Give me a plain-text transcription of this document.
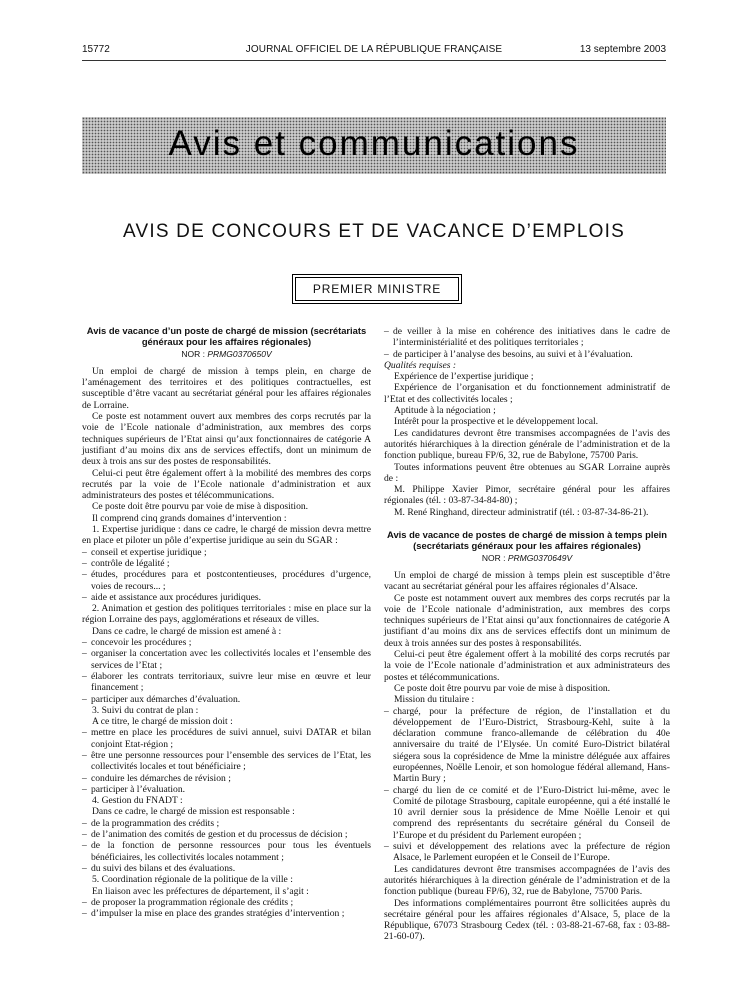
15772	JOURNAL OFFICIEL DE LA RÉPUBLIQUE FRANÇAISE	13 septembre 2003
Avis et communications
AVIS DE CONCOURS ET DE VACANCE D’EMPLOIS
PREMIER MINISTRE
Avis de vacance d’un poste de chargé de mission (secrétariats généraux pour les affaires régionales)
NOR : PRMG0370650V

Un emploi de chargé de mission à temps plein, en charge de l’aménagement des territoires et des politiques contractuelles, est susceptible d’être vacant au secrétariat général pour les affaires régionales de Lorraine.

Ce poste est notamment ouvert aux membres des corps recrutés par la voie de l’Ecole nationale d’administration, aux membres des corps techniques supérieurs de l’Etat ainsi qu’aux fonctionnaires de catégorie A justifiant d’au moins dix ans de services effectifs, dont un minimum de deux à trois ans sur des postes de responsabilités.

Celui-ci peut être également offert à la mobilité des membres des corps recrutés par la voie de l’Ecole nationale d’administration et aux administrateurs des postes et télécommunications.

Ce poste doit être pourvu par voie de mise à disposition.

Il comprend cinq grands domaines d’intervention :

1. Expertise juridique : dans ce cadre, le chargé de mission devra mettre en place et piloter un pôle d’expertise juridique au sein du SGAR :

– conseil et expertise juridique ;

– contrôle de légalité ;

– études, procédures para et postcontentieuses, procédures d’urgence, voies de recours... ;

– aide et assistance aux procédures juridiques.

2. Animation et gestion des politiques territoriales : mise en place sur la région Lorraine des pays, agglomérations et réseaux de villes.

Dans ce cadre, le chargé de mission est amené à :

– concevoir les procédures ;

– organiser la concertation avec les collectivités locales et l’ensemble des services de l’Etat ;

– élaborer les contrats territoriaux, suivre leur mise en œuvre et leur financement ;

– participer aux démarches d’évaluation.

3. Suivi du contrat de plan :

A ce titre, le chargé de mission doit :

– mettre en place les procédures de suivi annuel, suivi DATAR et bilan conjoint Etat-région ;

– être une personne ressources pour l’ensemble des services de l’Etat, les collectivités locales et tout bénéficiaire ;

– conduire les démarches de révision ;

– participer à l’évaluation.

4. Gestion du FNADT :

Dans ce cadre, le chargé de mission est responsable :

– de la programmation des crédits ;

– de l’animation des comités de gestion et du processus de décision ;

– de la fonction de personne ressources pour tous les éventuels bénéficiaires, les collectivités locales notamment ;

– du suivi des bilans et des évaluations.

5. Coordination régionale de la politique de la ville :

En liaison avec les préfectures de département, il s’agit :

– de proposer la programmation régionale des crédits ;

– d’impulser la mise en place des grandes stratégies d’intervention ;

– de veiller à la mise en cohérence des initiatives dans le cadre de l’interministérialité et des politiques territoriales ;

– de participer à l’analyse des besoins, au suivi et à l’évaluation.

Qualités requises :

Expérience de l’expertise juridique ;

Expérience de l’organisation et du fonctionnement administratif de l’Etat et des collectivités locales ;

Aptitude à la négociation ;

Intérêt pour la prospective et le développement local.

Les candidatures devront être transmises accompagnées de l’avis des autorités hiérarchiques à la direction générale de l’administration et de la fonction publique, bureau FP/6, 32, rue de Babylone, 75700 Paris.

Toutes informations peuvent être obtenues au SGAR Lorraine auprès de :

M. Philippe Xavier Pimor, secrétaire général pour les affaires régionales (tél. : 03-87-34-84-80) ;

M. René Ringhand, directeur administratif (tél. : 03-87-34-86-21).

Avis de vacance de postes de chargé de mission à temps plein (secrétariats généraux pour les affaires régionales)
NOR : PRMG0370649V

Un emploi de chargé de mission à temps plein est susceptible d’être vacant au secrétariat général pour les affaires régionales d’Alsace.

Ce poste est notamment ouvert aux membres des corps recrutés par la voie de l’Ecole nationale d’administration, aux membres des corps techniques supérieurs de l’Etat ainsi qu’aux fonctionnaires de catégorie A justifiant d’au moins dix ans de services effectifs dont un minimum de deux à trois années sur des postes à responsabilités.

Celui-ci peut être également offert à la mobilité des corps recrutés par la voie de l’Ecole nationale d’administration et aux administrateurs des postes et télécommunications.

Ce poste doit être pourvu par voie de mise à disposition.

Mission du titulaire :

– chargé, pour la préfecture de région, de l’installation et du développement de l’Euro-District, Strasbourg-Kehl, suite à la déclaration commune franco-allemande de célébration du 40e anniversaire du traité de l’Elysée. Un comité Euro-District bilatéral siégera sous la coprésidence de Mme la ministre déléguée aux affaires européennes, Noëlle Lenoir, et son homologue fédéral allemand, Hans-Martin Bury ;

– chargé du lien de ce comité et de l’Euro-District lui-même, avec le Comité de pilotage Strasbourg, capitale européenne, qui a été installé le 10 avril dernier sous la présidence de Mme Noëlle Lenoir et qui comprend des représentants du secrétaire général du Conseil de l’Europe et du président du Parlement européen ;

– suivi et développement des relations avec la préfecture de région Alsace, le Parlement européen et le Conseil de l’Europe.

Les candidatures devront être transmises accompagnées de l’avis des autorités hiérarchiques à la direction générale de l’administration et de la fonction publique (bureau FP/6), 32, rue de Babylone, 75700 Paris.

Des informations complémentaires pourront être sollicitées auprès du secrétaire général pour les affaires régionales d’Alsace, 5, place de la République, 67073 Strasbourg Cedex (tél. : 03-88-21-67-68, fax : 03-88-21-60-07).
